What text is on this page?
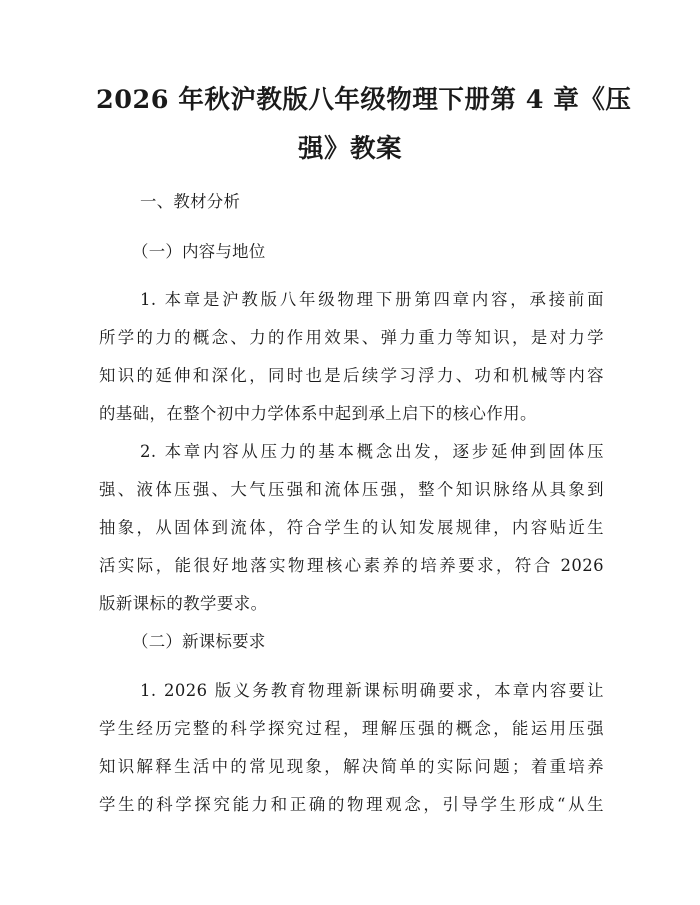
2026 年秋沪教版八年级物理下册第 4 章《压
强》教案
一、教材分析
（一）内容与地位
1. 本章是沪教版八年级物理下册第四章内容，承接前面
所学的力的概念、力的作用效果、弹力重力等知识，是对力学
知识的延伸和深化，同时也是后续学习浮力、功和机械等内容
的基础，在整个初中力学体系中起到承上启下的核心作用。
2. 本章内容从压力的基本概念出发，逐步延伸到固体压
强、液体压强、大气压强和流体压强，整个知识脉络从具象到
抽象，从固体到流体，符合学生的认知发展规律，内容贴近生
活实际，能很好地落实物理核心素养的培养要求，符合 2026
版新课标的教学要求。
（二）新课标要求
1. 2026 版义务教育物理新课标明确要求，本章内容要让
学生经历完整的科学探究过程，理解压强的概念，能运用压强
知识解释生活中的常见现象，解决简单的实际问题；着重培养
学生的科学探究能力和正确的物理观念，引导学生形成“从生
